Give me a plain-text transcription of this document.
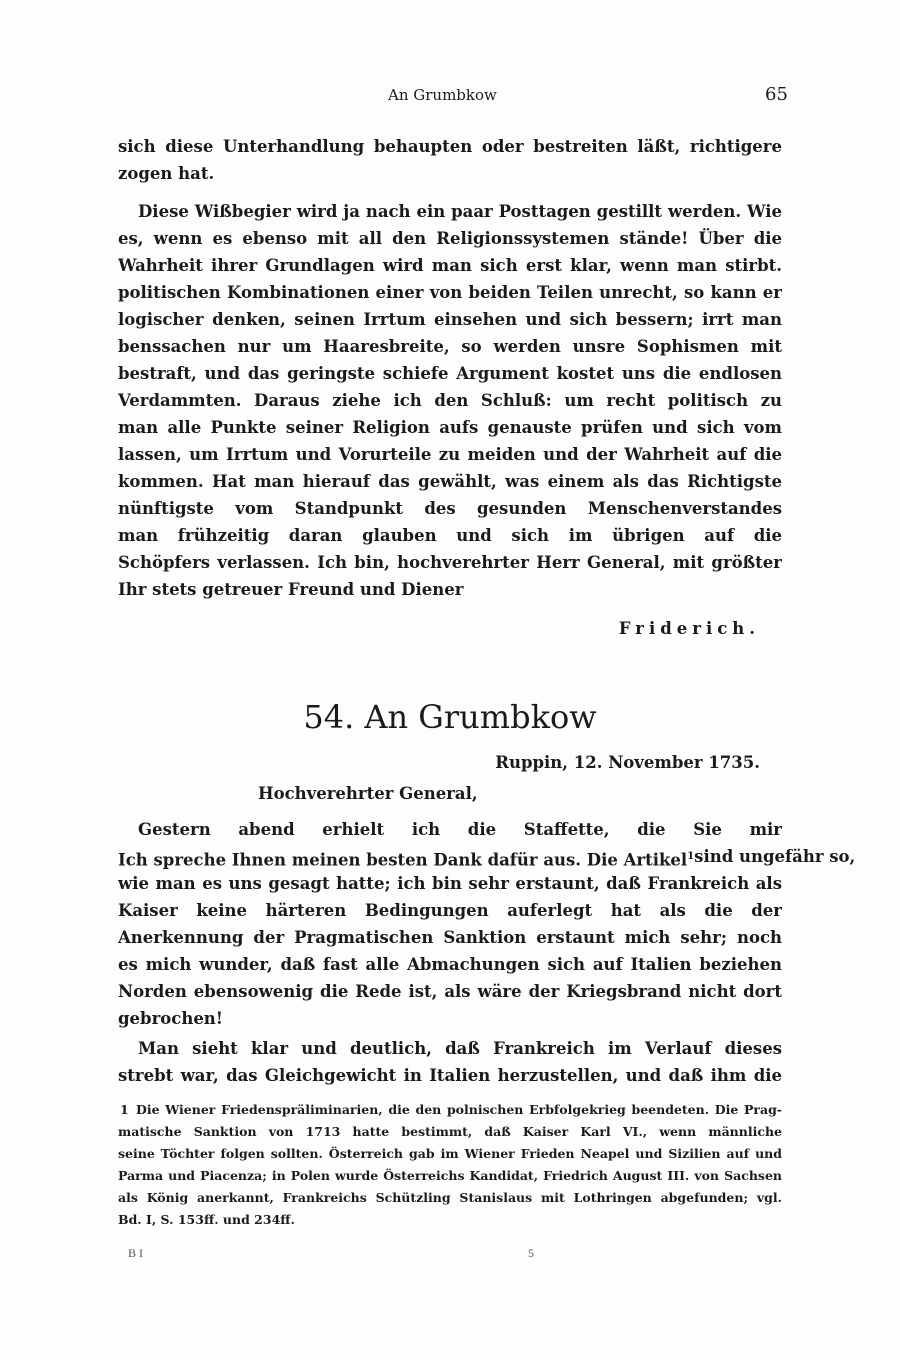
An Grumbkow	65
sich diese Unterhandlung behaupten oder bestreiten läßt, richtigere
zogen hat.
Diese Wißbegier wird ja nach ein paar Posttagen gestillt werden. Wie
es, wenn es ebenso mit all den Religionssystemen stände! Über die
Wahrheit ihrer Grundlagen wird man sich erst klar, wenn man stirbt.
politischen Kombinationen einer von beiden Teilen unrecht, so kann er
logischer denken, seinen Irrtum einsehen und sich bessern; irrt man
benssachen nur um Haaresbreite, so werden unsre Sophismen mit
bestraft, und das geringste schiefe Argument kostet uns die endlosen
Verdammten. Daraus ziehe ich den Schluß: um recht politisch zu
man alle Punkte seiner Religion aufs genauste prüfen und sich vom
lassen, um Irrtum und Vorurteile zu meiden und der Wahrheit auf die
kommen. Hat man hierauf das gewählt, was einem als das Richtigste
nünftigste vom Standpunkt des gesunden Menschenverstandes
man frühzeitig daran glauben und sich im übrigen auf die
Schöpfers verlassen. Ich bin, hochverehrter Herr General, mit größter
Ihr stets getreuer Freund und Diener
Friderich.
54. An Grumbkow
Ruppin, 12. November 1735.
Hochverehrter General,
Gestern abend erhielt ich die Staffette, die Sie mir
Ich spreche Ihnen meinen besten Dank dafür aus. Die Artikel$^1$ sind ungefähr so,
wie man es uns gesagt hatte; ich bin sehr erstaunt, daß Frankreich als
Kaiser keine härteren Bedingungen auferlegt hat als die der
Anerkennung der Pragmatischen Sanktion erstaunt mich sehr; noch
es mich wunder, daß fast alle Abmachungen sich auf Italien beziehen
Norden ebensowenig die Rede ist, als wäre der Kriegsbrand nicht dort
gebrochen!
Man sieht klar und deutlich, daß Frankreich im Verlauf dieses
strebt war, das Gleichgewicht in Italien herzustellen, und daß ihm die
1 Die Wiener Friedenspräliminarien, die den polnischen Erbfolgekrieg beendeten. Die Prag-
matische Sanktion von 1713 hatte bestimmt, daß Kaiser Karl VI., wenn männliche
seine Töchter folgen sollten. Österreich gab im Wiener Frieden Neapel und Sizilien auf und
Parma und Piacenza; in Polen wurde Österreichs Kandidat, Friedrich August III. von Sachsen
als König anerkannt, Frankreichs Schützling Stanislaus mit Lothringen abgefunden; vgl.
Bd. I, S. 153ff. und 234ff.
B I	5
